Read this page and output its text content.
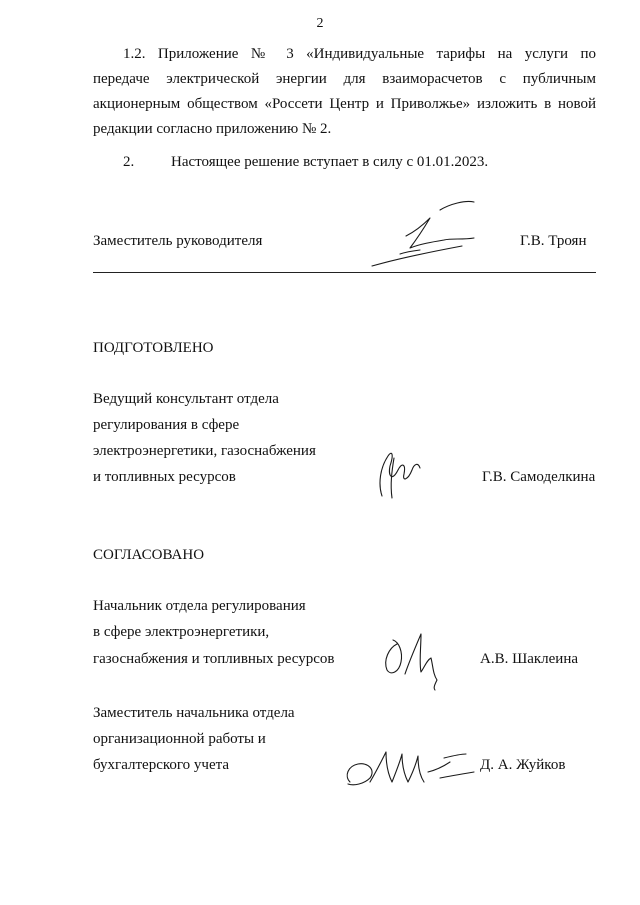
2
1.2. Приложение № 3 «Индивидуальные тарифы на услуги по
передаче электрической энергии для взаиморасчетов с публичным
акционерным обществом «Россети Центр и Приволжье» изложить в новой
редакции согласно приложению № 2.
2. Настоящее решение вступает в силу с 01.01.2023.
Заместитель руководителя	Г.В. Троян
ПОДГОТОВЛЕНО
Ведущий консультант отдела
регулирования в сфере
электроэнергетики, газоснабжения
и топливных ресурсов	Г.В. Самоделкина
СОГЛАСОВАНО
Начальник отдела регулирования
в сфере электроэнергетики,
газоснабжения и топливных ресурсов	А.В. Шаклеина
Заместитель начальника отдела
организационной работы и
бухгалтерского учета	Д. А. Жуйков
